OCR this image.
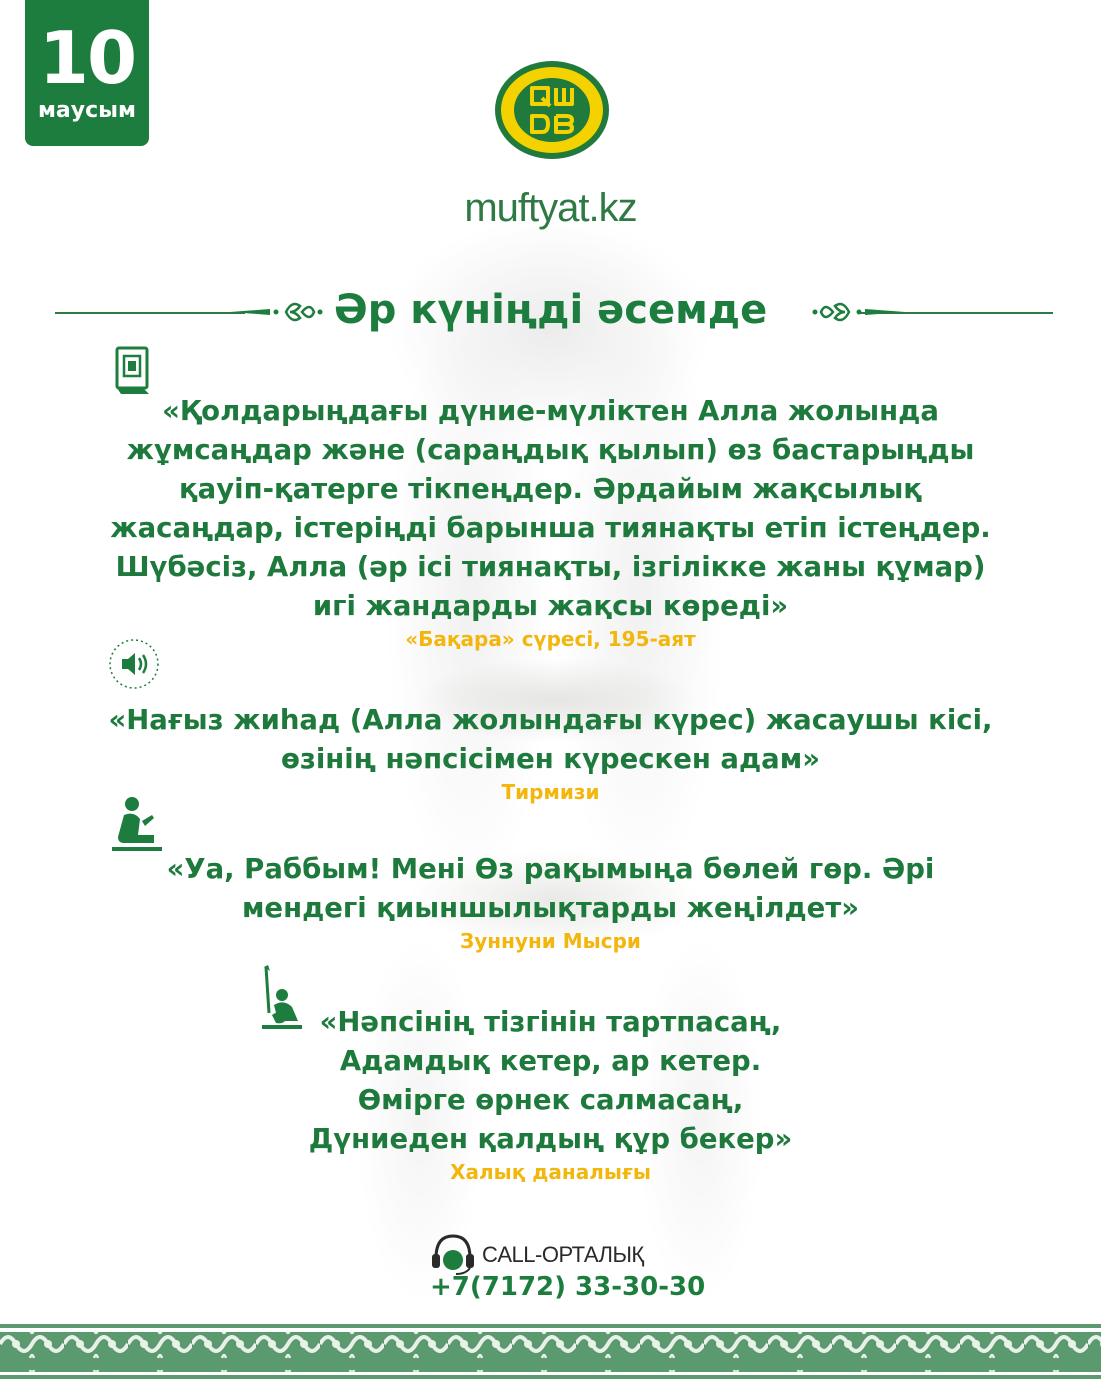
10
маусым
muftyat.kz
Әр күніңді әсемде
«Қолдарыңдағы дүние-мүліктен Алла жолында
жұмсаңдар және (сараңдық қылып) өз бастарыңды
қауіп-қатерге тікпеңдер. Әрдайым жақсылық
жасаңдар, істеріңді барынша тиянақты етіп істеңдер.
Шүбәсіз, Алла (әр ісі тиянақты, ізгілікке жаны құмар)
игі жандарды жақсы көреді»
«Бақара» сүресі, 195-аят
«Нағыз жиһад (Алла жолындағы күрес) жасаушы кісі,
өзінің нәпсісімен күрескен адам»
Тирмизи
«Уа, Раббым! Мені Өз рақымыңа бөлей гөр. Әрі
мендегі қиыншылықтарды жеңілдет»
Зуннуни Мысри
«Нәпсінің тізгінін тартпасаң,
Адамдық кетер, ар кетер.
Өмірге өрнек салмасаң,
Дүниеден қалдың құр бекер»
Халық даналығы
CALL-ОРТАЛЫҚ
+7(7172) 33-30-30
